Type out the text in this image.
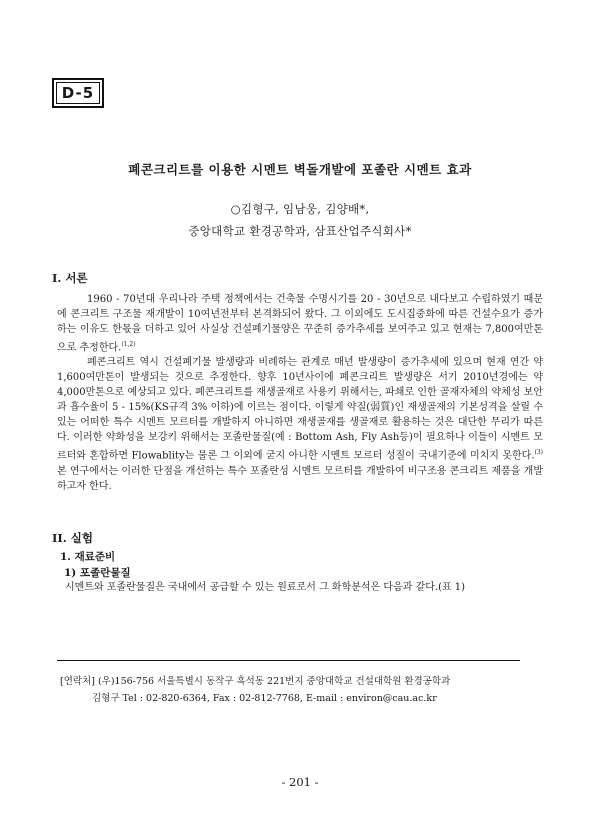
D-5
폐콘크리트를 이용한 시멘트 벽돌개발에 포졸란 시멘트 효과
○김형구, 임남웅, 김양배*,
중앙대학교 환경공학과, 삼표산업주식회사*
I. 서론

1960 - 70년대 우리나라 주택 정책에서는 건축물 수명시기를 20 - 30년으로 내다보고 수립하였기 때문에 콘크리트 구조물 재개발이 10여년전부터 본격화되어 왔다. 그 이외에도 도시집중화에 따른 건설수요가 증가하는 이유도 한몫을 더하고 있어 사실상 건설폐기물양은 꾸준히 증가추세를 보여주고 있고 현재는 7,800여만톤으로 추정한다.$^{(1,2)}$

폐콘크리트 역시 건설폐기물 발생량과 비례하는 관계로 매년 발생량이 증가추세에 있으며 현재 연간 약 1,600여만톤이 발생되는 것으로 추정한다. 향후 10년사이에 폐콘크리트 발생량은 서기 2010년경에는 약 4,000만톤으로 예상되고 있다. 폐콘크리트를 재생골재로 사용키 위해서는, 파쇄로 인한 골재자체의 약체성 보안과 흡수율이 5 - 15%(KS규격 3% 이하)에 이르는 점이다. 이렇게 약질(弱質)인 재생골재의 기본성격을 살릴 수 있는 어떠한 특수 시멘트 모르터를 개발하지 아니하면 재생골재를 생골재로 활용하는 것은 대단한 무리가 따른다. 이러한 약화성을 보강키 위해서는 포졸란물질(예 : Bottom Ash, Fly Ash등)이 필요하나 이들이 시멘트 모르터와 혼합하면 Flowablity는 물론 그 이외에 굳지 아니한 시멘트 모르터 성질이 국내기준에 미치지 못한다.$^{(3)}$ 본 연구에서는 이러한 단점을 개선하는 특수 포졸란성 시멘트 모르터를 개발하여 비구조용 콘크리트 제품을 개발하고자 한다.

II. 실험
1. 재료준비
1) 포졸란물질

시멘트와 포졸란물질은 국내에서 공급할 수 있는 원료로서 그 화학분석은 다음과 같다.(표 1)

[연락처] (우)156-756 서울특별시 동작구 흑석동 221번지 중앙대학교 건설대학원 환경공학과
김형구 Tel : 02-820-6364, Fax : 02-812-7768, E-mail : environ@cau.ac.kr
- 201 -
